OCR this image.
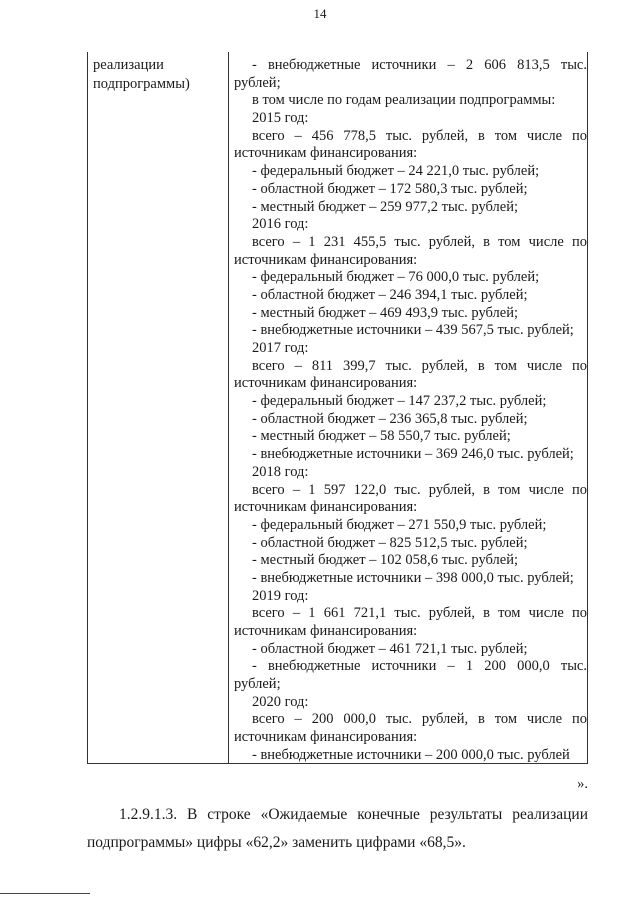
14
реализации
подпрограммы)
- внебюджетные источники – 2 606 813,5 тыс.
рублей;
в том числе по годам реализации подпрограммы:
2015 год:
всего – 456 778,5 тыс. рублей, в том числе по
источникам финансирования:
- федеральный бюджет – 24 221,0 тыс. рублей;
- областной бюджет – 172 580,3 тыс. рублей;
- местный бюджет – 259 977,2 тыс. рублей;
2016 год:
всего – 1 231 455,5 тыс. рублей, в том числе по
источникам финансирования:
- федеральный бюджет – 76 000,0 тыс. рублей;
- областной бюджет – 246 394,1 тыс. рублей;
- местный бюджет – 469 493,9 тыс. рублей;
- внебюджетные источники – 439 567,5 тыс. рублей;
2017 год:
всего – 811 399,7 тыс. рублей, в том числе по
источникам финансирования:
- федеральный бюджет – 147 237,2 тыс. рублей;
- областной бюджет – 236 365,8 тыс. рублей;
- местный бюджет – 58 550,7 тыс. рублей;
- внебюджетные источники – 369 246,0 тыс. рублей;
2018 год:
всего – 1 597 122,0 тыс. рублей, в том числе по
источникам финансирования:
- федеральный бюджет – 271 550,9 тыс. рублей;
- областной бюджет – 825 512,5 тыс. рублей;
- местный бюджет – 102 058,6 тыс. рублей;
- внебюджетные источники – 398 000,0 тыс. рублей;
2019 год:
всего – 1 661 721,1 тыс. рублей, в том числе по
источникам финансирования:
- областной бюджет – 461 721,1 тыс. рублей;
- внебюджетные источники – 1 200 000,0 тыс.
рублей;
2020 год:
всего – 200 000,0 тыс. рублей, в том числе по
источникам финансирования:
- внебюджетные источники – 200 000,0 тыс. рублей
».
1.2.9.1.3. В строке «Ожидаемые конечные результаты реализации
подпрограммы» цифры «62,2» заменить цифрами «68,5».
